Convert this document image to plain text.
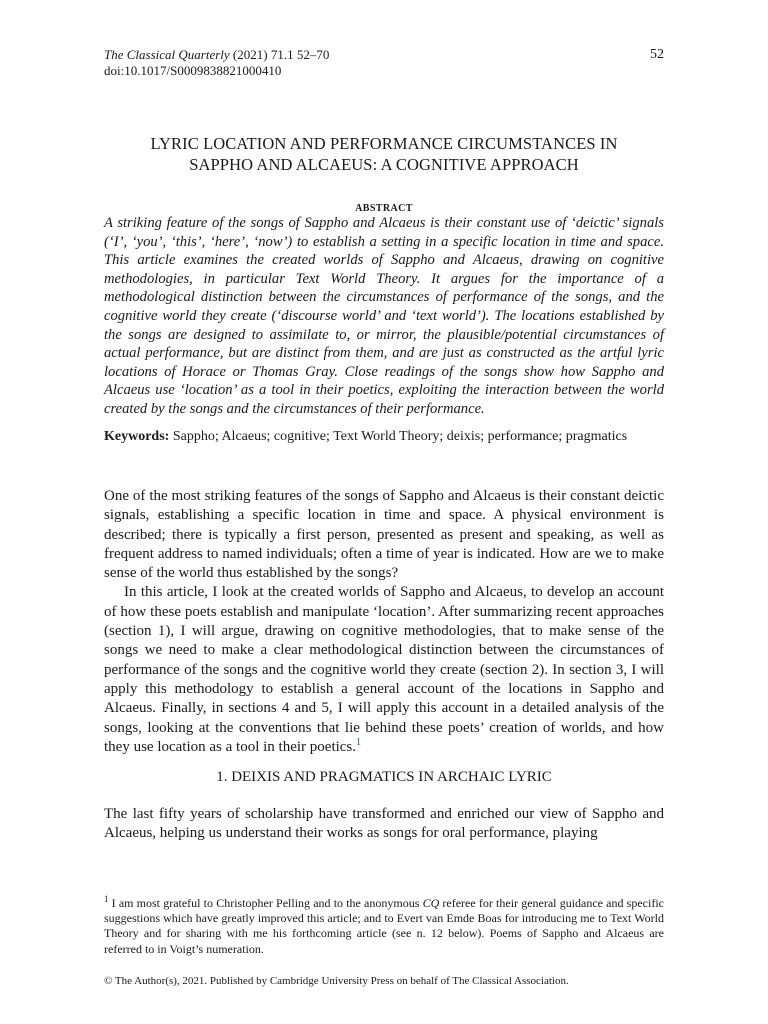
The Classical Quarterly (2021) 71.1 52–70
doi:10.1017/S0009838821000410
52
LYRIC LOCATION AND PERFORMANCE CIRCUMSTANCES IN
SAPPHO AND ALCAEUS: A COGNITIVE APPROACH
ABSTRACT
A striking feature of the songs of Sappho and Alcaeus is their constant use of ‘deictic’ signals (‘I’, ‘you’, ‘this’, ‘here’, ‘now’) to establish a setting in a specific location in time and space. This article examines the created worlds of Sappho and Alcaeus, drawing on cognitive methodologies, in particular Text World Theory. It argues for the importance of a methodological distinction between the circumstances of performance of the songs, and the cognitive world they create (‘discourse world’ and ‘text world’). The locations established by the songs are designed to assimilate to, or mirror, the plausible/potential circumstances of actual performance, but are distinct from them, and are just as constructed as the artful lyric locations of Horace or Thomas Gray. Close readings of the songs show how Sappho and Alcaeus use ‘location’ as a tool in their poetics, exploiting the interaction between the world created by the songs and the circumstances of their performance.
Keywords: Sappho; Alcaeus; cognitive; Text World Theory; deixis; performance; pragmatics

One of the most striking features of the songs of Sappho and Alcaeus is their constant deictic signals, establishing a specific location in time and space. A physical environment is described; there is typically a first person, presented as present and speaking, as well as frequent address to named individuals; often a time of year is indicated. How are we to make sense of the world thus established by the songs?

In this article, I look at the created worlds of Sappho and Alcaeus, to develop an account of how these poets establish and manipulate ‘location’. After summarizing recent approaches (section 1), I will argue, drawing on cognitive methodologies, that to make sense of the songs we need to make a clear methodological distinction between the circumstances of performance of the songs and the cognitive world they create (section 2). In section 3, I will apply this methodology to establish a general account of the locations in Sappho and Alcaeus. Finally, in sections 4 and 5, I will apply this account in a detailed analysis of the songs, looking at the conventions that lie behind these poets’ creation of worlds, and how they use location as a tool in their poetics.$^1$

1. DEIXIS AND PRAGMATICS IN ARCHAIC LYRIC

The last fifty years of scholarship have transformed and enriched our view of Sappho and Alcaeus, helping us understand their works as songs for oral performance, playing

$^1$ I am most grateful to Christopher Pelling and to the anonymous CQ referee for their general guidance and specific suggestions which have greatly improved this article; and to Evert van Emde Boas for introducing me to Text World Theory and for sharing with me his forthcoming article (see n. 12 below). Poems of Sappho and Alcaeus are referred to in Voigt’s numeration.
© The Author(s), 2021. Published by Cambridge University Press on behalf of The Classical Association.
